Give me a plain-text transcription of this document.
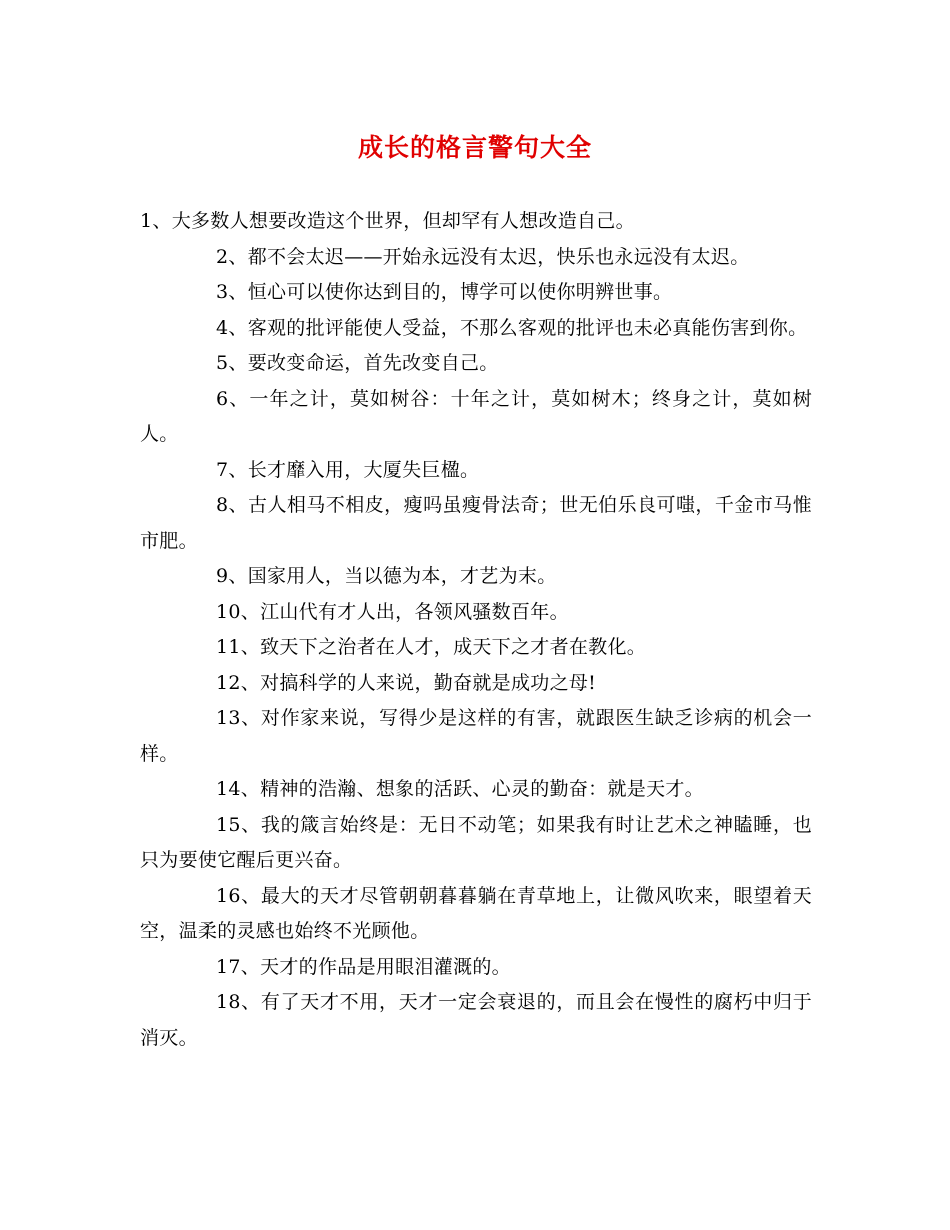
成长的格言警句大全

1、大多数人想要改造这个世界，但却罕有人想改造自己。

2、都不会太迟——开始永远没有太迟，快乐也永远没有太迟。

3、恒心可以使你达到目的，博学可以使你明辨世事。

4、客观的批评能使人受益，不那么客观的批评也未必真能伤害到你。

5、要改变命运，首先改变自己。

6、一年之计，莫如树谷：十年之计，莫如树木；终身之计，莫如树人。

7、长才靡入用，大厦失巨楹。

8、古人相马不相皮，瘦吗虽瘦骨法奇；世无伯乐良可嗤，千金市马惟市肥。

9、国家用人，当以德为本，才艺为末。

10、江山代有才人出，各领风骚数百年。

11、致天下之治者在人才，成天下之才者在教化。

12、对搞科学的人来说，勤奋就是成功之母!

13、对作家来说，写得少是这样的有害，就跟医生缺乏诊病的机会一样。

14、精神的浩瀚、想象的活跃、心灵的勤奋：就是天才。

15、我的箴言始终是：无日不动笔；如果我有时让艺术之神瞌睡，也只为要使它醒后更兴奋。

16、最大的天才尽管朝朝暮暮躺在青草地上，让微风吹来，眼望着天空，温柔的灵感也始终不光顾他。

17、天才的作品是用眼泪灌溉的。

18、有了天才不用，天才一定会衰退的，而且会在慢性的腐朽中归于消灭。
